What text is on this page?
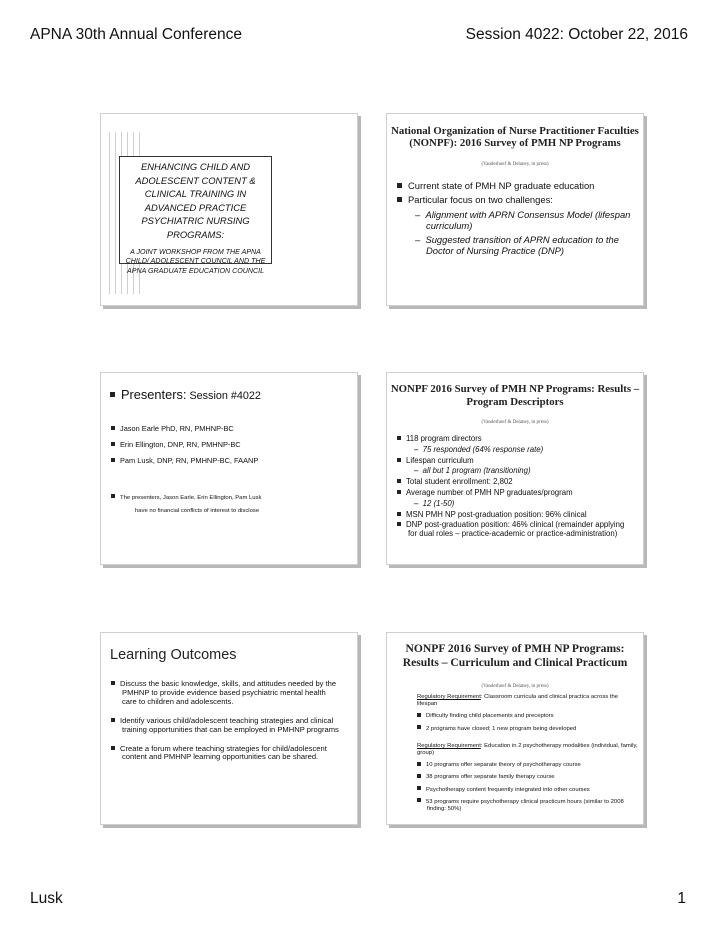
APNA 30th Annual Conference	Session 4022: October 22, 2016
ENHANCING CHILD AND ADOLESCENT CONTENT & CLINICAL TRAINING IN ADVANCED PRACTICE PSYCHIATRIC NURSING PROGRAMS:
A JOINT WORKSHOP FROM THE APNA CHILD/ ADOLESCENT COUNCIL AND THE APNA GRADUATE EDUCATION COUNCIL
National Organization of Nurse Practitioner Faculties (NONPF): 2016 Survey of PMH NP Programs
(Vanderhoef & Delaney, in press)
Current state of PMH NP graduate education
Particular focus on two challenges:
–  Alignment with APRN Consensus Model (lifespan curriculum)
–  Suggested transition of APRN education to the Doctor of Nursing Practice (DNP)
Presenters: Session #4022
Jason Earle PhD, RN, PMHNP-BC
Erin Ellington, DNP, RN, PMHNP-BC
Pam Lusk, DNP, RN, PMHNP-BC, FAANP
The presenters, Jason Earle, Erin Ellington, Pam Lusk
have no financial conflicts of interest to disclose
NONPF 2016 Survey of PMH NP Programs: Results – Program Descriptors
(Vanderhoef & Delaney, in press)
118 program directors
–  75 responded (64% response rate)
Lifespan curriculum
–  all but 1 program (transitioning)
Total student enrollment: 2,802
Average number of PMH NP graduates/program
–  12 (1-50)
MSN PMH NP post-graduation position: 96% clinical
DNP post-graduation position: 46% clinical (remainder applying for dual roles – practice-academic or practice-administration)
Learning Outcomes
Discuss the basic knowledge, skills, and attitudes needed by the PMHNP to provide evidence based psychiatric mental health care to children and adolescents.
Identify various child/adolescent teaching strategies and clinical training opportunities that can be employed in PMHNP programs
Create a forum where teaching strategies for child/adolescent content and PMHNP learning opportunities can be shared.
NONPF 2016 Survey of PMH NP Programs: Results – Curriculum and Clinical Practicum
(Vanderhoef & Delaney, in press)
Regulatory Requirement: Classroom curricula and clinical practica across the lifespan
Difficulty finding child placements and preceptors
2 programs have closed; 1 new program being developed
Regulatory Requirement: Education in 2 psychotherapy modalities (individual, family, group)
10 programs offer separate theory of psychotherapy course
38 programs offer separate family therapy course
Psychotherapy content frequently integrated into other courses
53 programs require psychotherapy clinical practicum hours (similar to 2008 finding: 50%)
Lusk	1
